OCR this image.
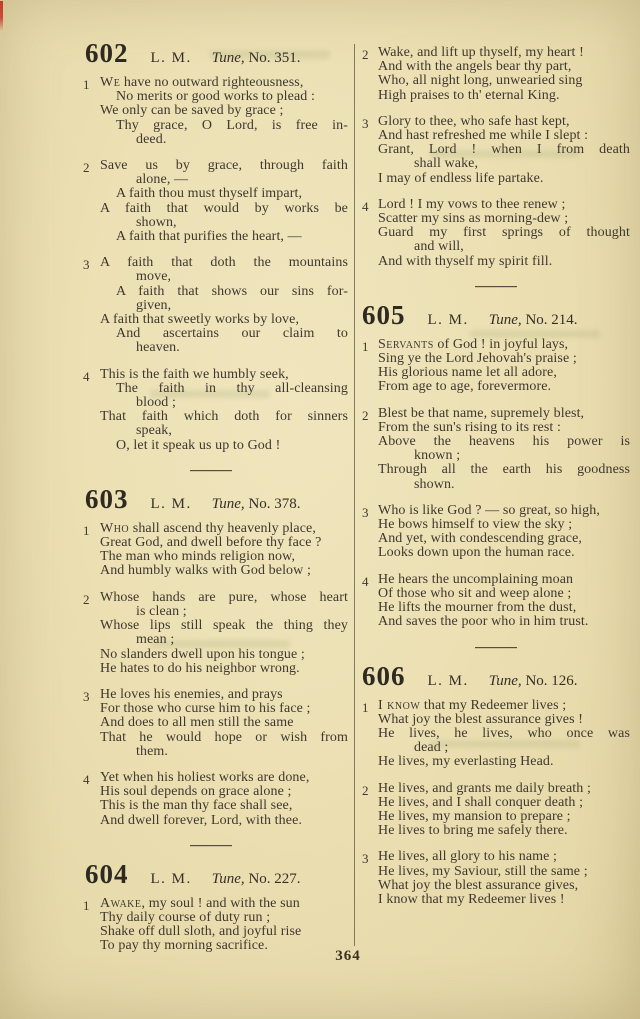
602 L. M. Tune, No. 351.
1 We have no outward righteousness,
No merits or good works to plead :
We only can be saved by grace ;
Thy grace, O Lord, is free in-
deed.
2 Save us by grace, through faith
alone, —
A faith thou must thyself impart,
A faith that would by works be
shown,
A faith that purifies the heart, —
3 A faith that doth the mountains
move,
A faith that shows our sins for-
given,
A faith that sweetly works by love,
And ascertains our claim to
heaven.
4 This is the faith we humbly seek,
The faith in thy all-cleansing
blood ;
That faith which doth for sinners
speak,
O, let it speak us up to God !
603 L. M. Tune, No. 378.
1 Who shall ascend thy heavenly place,
Great God, and dwell before thy face ?
The man who minds religion now,
And humbly walks with God below ;
2 Whose hands are pure, whose heart
is clean ;
Whose lips still speak the thing they
mean ;
No slanders dwell upon his tongue ;
He hates to do his neighbor wrong.
3 He loves his enemies, and prays
For those who curse him to his face ;
And does to all men still the same
That he would hope or wish from
them.
4 Yet when his holiest works are done,
His soul depends on grace alone ;
This is the man thy face shall see,
And dwell forever, Lord, with thee.
604 L. M. Tune, No. 227.
1 Awake, my soul ! and with the sun
Thy daily course of duty run ;
Shake off dull sloth, and joyful rise
To pay thy morning sacrifice.
2 Wake, and lift up thyself, my heart !
And with the angels bear thy part,
Who, all night long, unwearied sing
High praises to th' eternal King.
3 Glory to thee, who safe hast kept,
And hast refreshed me while I slept :
Grant, Lord ! when I from death
shall wake,
I may of endless life partake.
4 Lord ! I my vows to thee renew ;
Scatter my sins as morning-dew ;
Guard my first springs of thought
and will,
And with thyself my spirit fill.
605 L. M. Tune, No. 214.
1 Servants of God ! in joyful lays,
Sing ye the Lord Jehovah's praise ;
His glorious name let all adore,
From age to age, forevermore.
2 Blest be that name, supremely blest,
From the sun's rising to its rest :
Above the heavens his power is
known ;
Through all the earth his goodness
shown.
3 Who is like God ? — so great, so high,
He bows himself to view the sky ;
And yet, with condescending grace,
Looks down upon the human race.
4 He hears the uncomplaining moan
Of those who sit and weep alone ;
He lifts the mourner from the dust,
And saves the poor who in him trust.
606 L. M. Tune, No. 126.
1 I know that my Redeemer lives ;
What joy the blest assurance gives !
He lives, he lives, who once was
dead ;
He lives, my everlasting Head.
2 He lives, and grants me daily breath ;
He lives, and I shall conquer death ;
He lives, my mansion to prepare ;
He lives to bring me safely there.
3 He lives, all glory to his name ;
He lives, my Saviour, still the same ;
What joy the blest assurance gives,
I know that my Redeemer lives !
364
